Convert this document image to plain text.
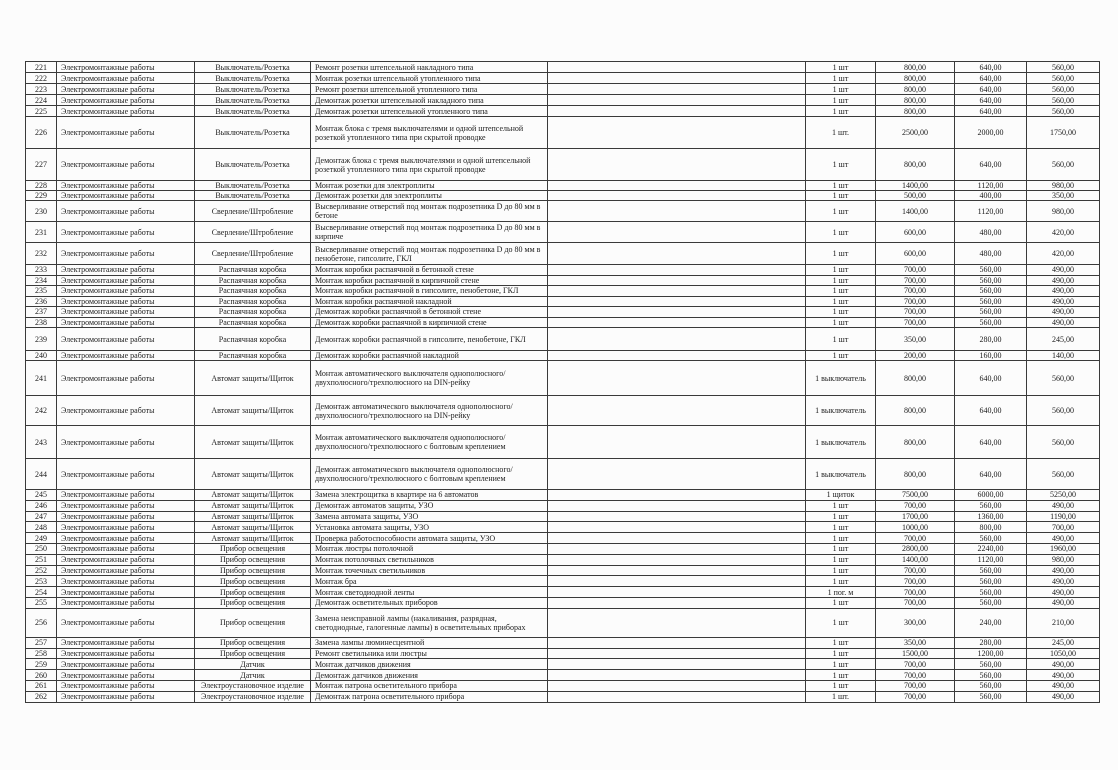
221	Электромонтажные работы	Выключатель/Розетка	Ремонт розетки штепсельной накладного типа	1 шт	800,00	640,00	560,00
222	Электромонтажные работы	Выключатель/Розетка	Монтаж розетки штепсельной утопленного типа	1 шт	800,00	640,00	560,00
223	Электромонтажные работы	Выключатель/Розетка	Ремонт розетки штепсельной утопленного типа	1 шт	800,00	640,00	560,00
224	Электромонтажные работы	Выключатель/Розетка	Демонтаж розетки штепсельной накладного типа	1 шт	800,00	640,00	560,00
225	Электромонтажные работы	Выключатель/Розетка	Демонтаж розетки штепсельной утопленного типа	1 шт	800,00	640,00	560,00
226	Электромонтажные работы	Выключатель/Розетка	Монтаж блока с тремя выключателями и одной штепсельной розеткой утопленного типа при скрытой проводке	1 шт.	2500,00	2000,00	1750,00
227	Электромонтажные работы	Выключатель/Розетка	Демонтаж блока с тремя выключателями и одной штепсельной розеткой утопленного типа при скрытой проводке	1 шт	800,00	640,00	560,00
228	Электромонтажные работы	Выключатель/Розетка	Монтаж розетки для электроплиты	1 шт	1400,00	1120,00	980,00
229	Электромонтажные работы	Выключатель/Розетка	Демонтаж розетки для электроплиты	1 шт	500,00	400,00	350,00
230	Электромонтажные работы	Сверление/Штробление	Высверливание отверстий под монтаж подрозетника D до 80 мм в бетоне	1 шт	1400,00	1120,00	980,00
231	Электромонтажные работы	Сверление/Штробление	Высверливание отверстий под монтаж подрозетника D до 80 мм в кирпиче	1 шт	600,00	480,00	420,00
232	Электромонтажные работы	Сверление/Штробление	Высверливание отверстий под монтаж подрозетника D до 80 мм в пенобетоне, гипсолите, ГКЛ	1 шт	600,00	480,00	420,00
233	Электромонтажные работы	Распаячная коробка	Монтаж коробки распаячной в бетонной стене	1 шт	700,00	560,00	490,00
234	Электромонтажные работы	Распаячная коробка	Монтаж коробки распаячной в кирпичной стене	1 шт	700,00	560,00	490,00
235	Электромонтажные работы	Распаячная коробка	Монтаж коробки распаячной в гипсолите, пенобетоне, ГКЛ	1 шт	700,00	560,00	490,00
236	Электромонтажные работы	Распаячная коробка	Монтаж коробки распаячной накладной	1 шт	700,00	560,00	490,00
237	Электромонтажные работы	Распаячная коробка	Демонтаж коробки распаячной в бетонной стене	1 шт	700,00	560,00	490,00
238	Электромонтажные работы	Распаячная коробка	Демонтаж коробки распаячной в кирпичной стене	1 шт	700,00	560,00	490,00
239	Электромонтажные работы	Распаячная коробка	Демонтаж коробки распаячной в гипсолите, пенобетоне, ГКЛ	1 шт	350,00	280,00	245,00
240	Электромонтажные работы	Распаячная коробка	Демонтаж коробки распаячной накладной	1 шт	200,00	160,00	140,00
241	Электромонтажные работы	Автомат защиты/Щиток	Монтаж автоматического выключателя однополюсного/двухполюсного/трехполюсного на DIN-рейку	1 выключатель	800,00	640,00	560,00
242	Электромонтажные работы	Автомат защиты/Щиток	Демонтаж автоматического выключателя однополюсного/двухполюсного/трехполюсного на DIN-рейку	1 выключатель	800,00	640,00	560,00
243	Электромонтажные работы	Автомат защиты/Щиток	Монтаж автоматического выключателя однополюсного/двухполюсного/трехполюсного с болтовым креплением	1 выключатель	800,00	640,00	560,00
244	Электромонтажные работы	Автомат защиты/Щиток	Демонтаж автоматического выключателя однополюсного/двухполюсного/трехполюсного с болтовым креплением	1 выключатель	800,00	640,00	560,00
245	Электромонтажные работы	Автомат защиты/Щиток	Замена электрощитка в квартире на 6 автоматов	1 щиток	7500,00	6000,00	5250,00
246	Электромонтажные работы	Автомат защиты/Щиток	Демонтаж автоматов защиты, УЗО	1 шт	700,00	560,00	490,00
247	Электромонтажные работы	Автомат защиты/Щиток	Замена автомата защиты, УЗО	1 шт	1700,00	1360,00	1190,00
248	Электромонтажные работы	Автомат защиты/Щиток	Установка автомата защиты, УЗО	1 шт	1000,00	800,00	700,00
249	Электромонтажные работы	Автомат защиты/Щиток	Проверка работоспособности автомата защиты, УЗО	1 шт	700,00	560,00	490,00
250	Электромонтажные работы	Прибор освещения	Монтаж люстры потолочной	1 шт	2800,00	2240,00	1960,00
251	Электромонтажные работы	Прибор освещения	Монтаж потолочных светильников	1 шт	1400,00	1120,00	980,00
252	Электромонтажные работы	Прибор освещения	Монтаж точечных светильников	1 шт	700,00	560,00	490,00
253	Электромонтажные работы	Прибор освещения	Монтаж бра	1 шт	700,00	560,00	490,00
254	Электромонтажные работы	Прибор освещения	Монтаж светодиодной ленты	1 пог. м	700,00	560,00	490,00
255	Электромонтажные работы	Прибор освещения	Демонтаж осветительных приборов	1 шт	700,00	560,00	490,00
256	Электромонтажные работы	Прибор освещения	Замена неисправной лампы (накаливания, разрядная, светодиодные, галогенные лампы) в осветительных приборах	1 шт	300,00	240,00	210,00
257	Электромонтажные работы	Прибор освещения	Замена лампы люминесцентной	1 шт	350,00	280,00	245,00
258	Электромонтажные работы	Прибор освещения	Ремонт светильника или люстры	1 шт	1500,00	1200,00	1050,00
259	Электромонтажные работы	Датчик	Монтаж датчиков движения	1 шт	700,00	560,00	490,00
260	Электромонтажные работы	Датчик	Демонтаж датчиков движения	1 шт	700,00	560,00	490,00
261	Электромонтажные работы	Электроустановочное изделие	Монтаж патрона осветительного прибора	1 шт	700,00	560,00	490,00
262	Электромонтажные работы	Электроустановочное изделие	Демонтаж патрона осветительного прибора	1 шт.	700,00	560,00	490,00
